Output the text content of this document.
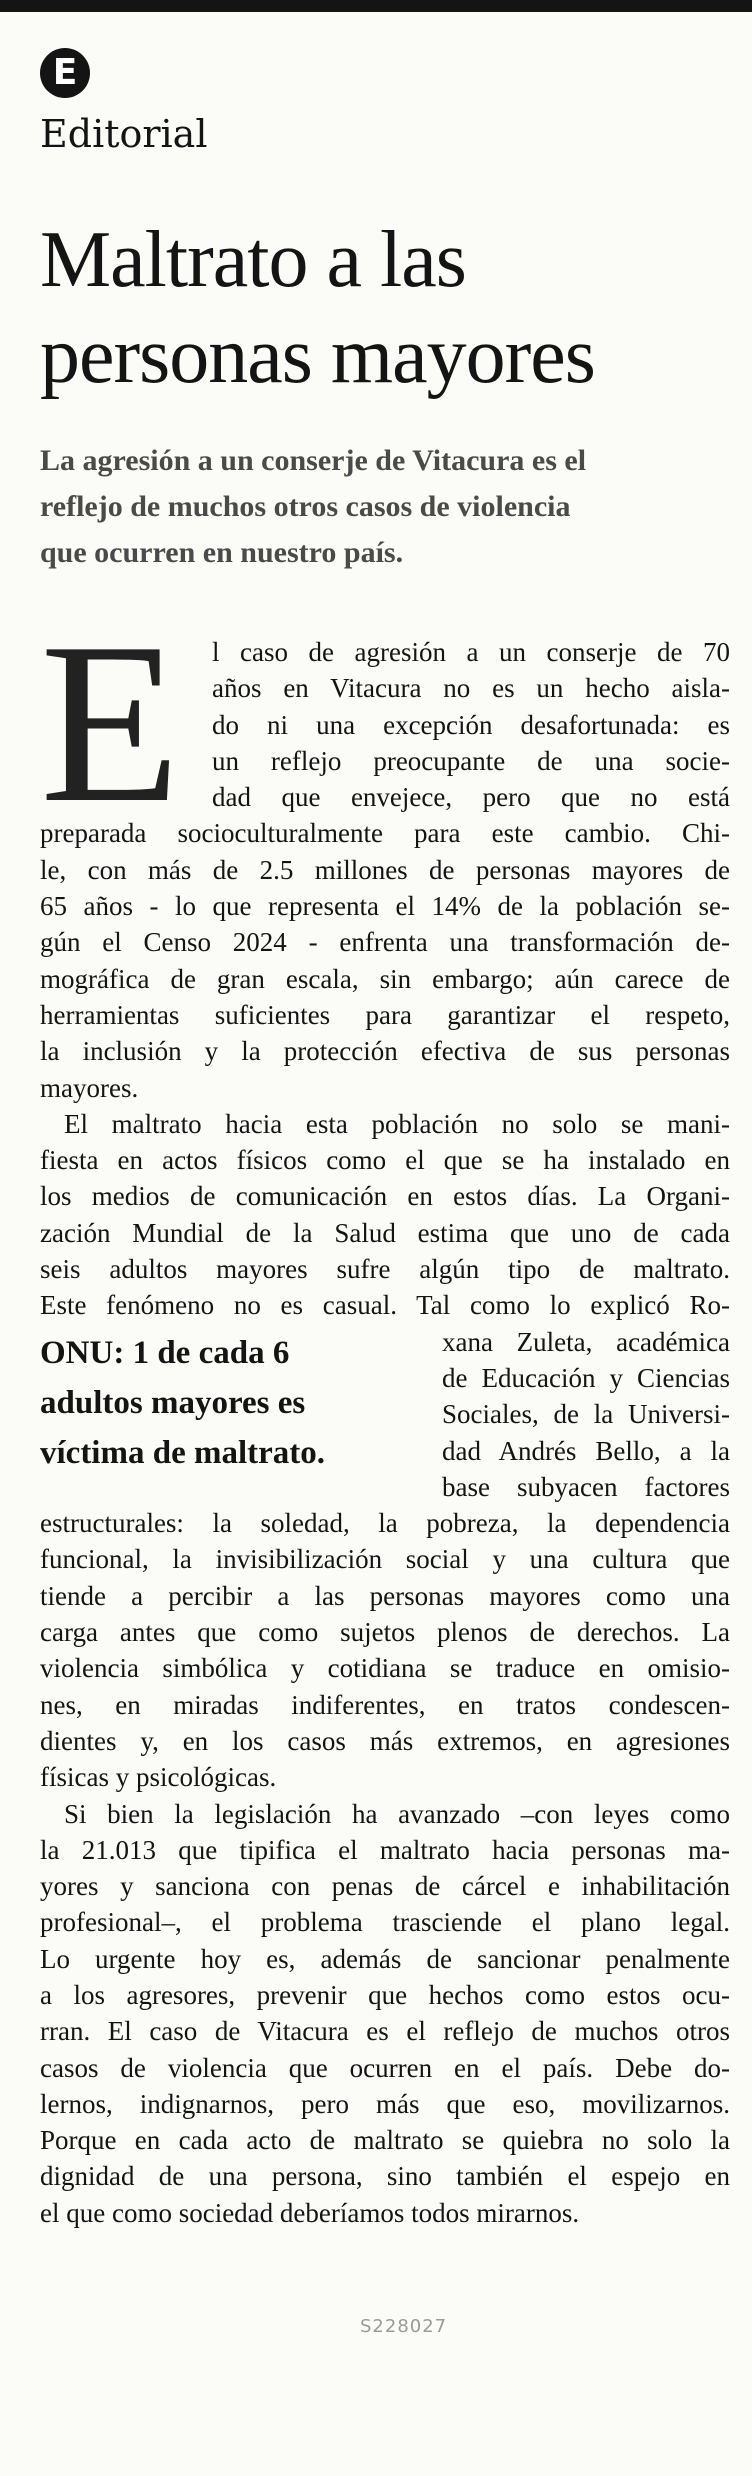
E
Editorial
Maltrato a las
personas mayores
La agresión a un conserje de Vitacura es el
reflejo de muchos otros casos de violencia
que ocurren en nuestro país.
E l caso de agresión a un conserje de 70
años en Vitacura no es un hecho aisla-
do ni una excepción desafortunada: es
un reflejo preocupante de una socie-
dad que envejece, pero que no está
preparada socioculturalmente para este cambio. Chi-
le, con más de 2.5 millones de personas mayores de
65 años - lo que representa el 14% de la población se-
gún el Censo 2024 - enfrenta una transformación de-
mográfica de gran escala, sin embargo; aún carece de
herramientas suficientes para garantizar el respeto,
la inclusión y la protección efectiva de sus personas
mayores.
El maltrato hacia esta población no solo se mani-
fiesta en actos físicos como el que se ha instalado en
los medios de comunicación en estos días. La Organi-
zación Mundial de la Salud estima que uno de cada
seis adultos mayores sufre algún tipo de maltrato.
Este fenómeno no es casual. Tal como lo explicó Ro-
ONU: 1 de cada 6
adultos mayores es
víctima de maltrato.
xana Zuleta, académica
de Educación y Ciencias
Sociales, de la Universi-
dad Andrés Bello, a la
base subyacen factores
estructurales: la soledad, la pobreza, la dependencia
funcional, la invisibilización social y una cultura que
tiende a percibir a las personas mayores como una
carga antes que como sujetos plenos de derechos. La
violencia simbólica y cotidiana se traduce en omisio-
nes, en miradas indiferentes, en tratos condescen-
dientes y, en los casos más extremos, en agresiones
físicas y psicológicas.
Si bien la legislación ha avanzado –con leyes como
la 21.013 que tipifica el maltrato hacia personas ma-
yores y sanciona con penas de cárcel e inhabilitación
profesional–, el problema trasciende el plano legal.
Lo urgente hoy es, además de sancionar penalmente
a los agresores, prevenir que hechos como estos ocu-
rran. El caso de Vitacura es el reflejo de muchos otros
casos de violencia que ocurren en el país. Debe do-
lernos, indignarnos, pero más que eso, movilizarnos.
Porque en cada acto de maltrato se quiebra no solo la
dignidad de una persona, sino también el espejo en
el que como sociedad deberíamos todos mirarnos.
S228027
